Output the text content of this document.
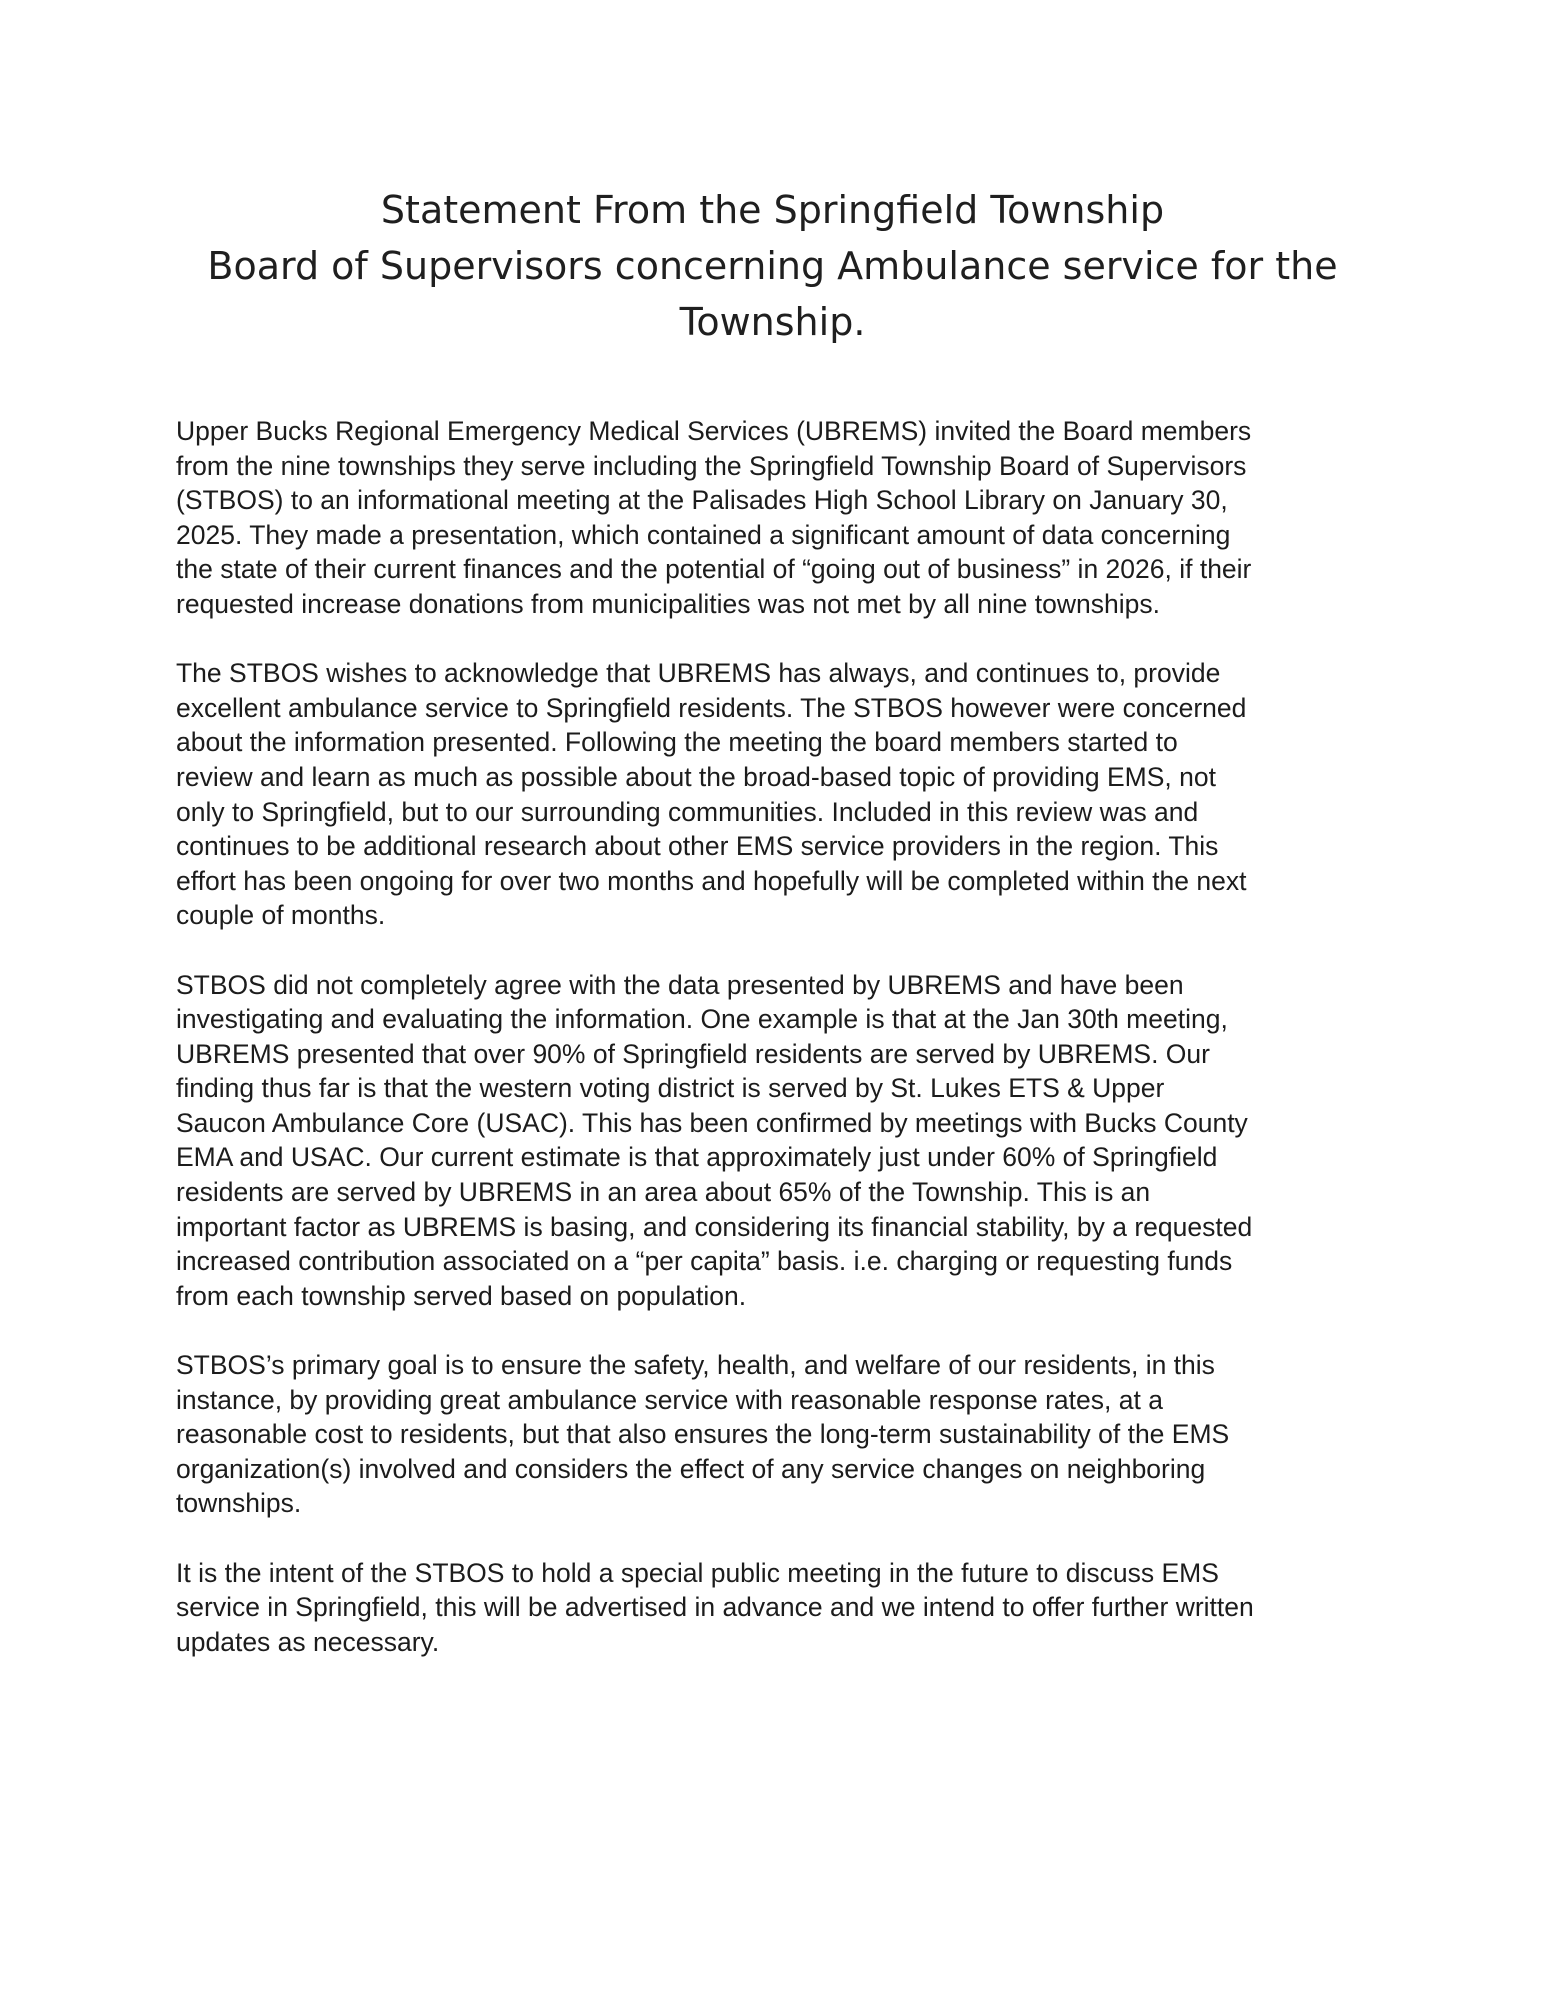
Statement From the Springfield Township
Board of Supervisors concerning Ambulance service for the
Township.

Upper Bucks Regional Emergency Medical Services (UBREMS) invited the Board members
from the nine townships they serve including the Springfield Township Board of Supervisors
(STBOS) to an informational meeting at the Palisades High School Library on January 30,
2025. They made a presentation, which contained a significant amount of data concerning
the state of their current finances and the potential of “going out of business” in 2026, if their
requested increase donations from municipalities was not met by all nine townships.

The STBOS wishes to acknowledge that UBREMS has always, and continues to, provide
excellent ambulance service to Springfield residents. The STBOS however were concerned
about the information presented. Following the meeting the board members started to
review and learn as much as possible about the broad-based topic of providing EMS, not
only to Springfield, but to our surrounding communities. Included in this review was and
continues to be additional research about other EMS service providers in the region. This
effort has been ongoing for over two months and hopefully will be completed within the next
couple of months.

STBOS did not completely agree with the data presented by UBREMS and have been
investigating and evaluating the information. One example is that at the Jan 30th meeting,
UBREMS presented that over 90% of Springfield residents are served by UBREMS. Our
finding thus far is that the western voting district is served by St. Lukes ETS & Upper
Saucon Ambulance Core (USAC). This has been confirmed by meetings with Bucks County
EMA and USAC. Our current estimate is that approximately just under 60% of Springfield
residents are served by UBREMS in an area about 65% of the Township. This is an
important factor as UBREMS is basing, and considering its financial stability, by a requested
increased contribution associated on a “per capita” basis. i.e. charging or requesting funds
from each township served based on population.

STBOS’s primary goal is to ensure the safety, health, and welfare of our residents, in this
instance, by providing great ambulance service with reasonable response rates, at a
reasonable cost to residents, but that also ensures the long-term sustainability of the EMS
organization(s) involved and considers the effect of any service changes on neighboring
townships.

It is the intent of the STBOS to hold a special public meeting in the future to discuss EMS
service in Springfield, this will be advertised in advance and we intend to offer further written
updates as necessary.
